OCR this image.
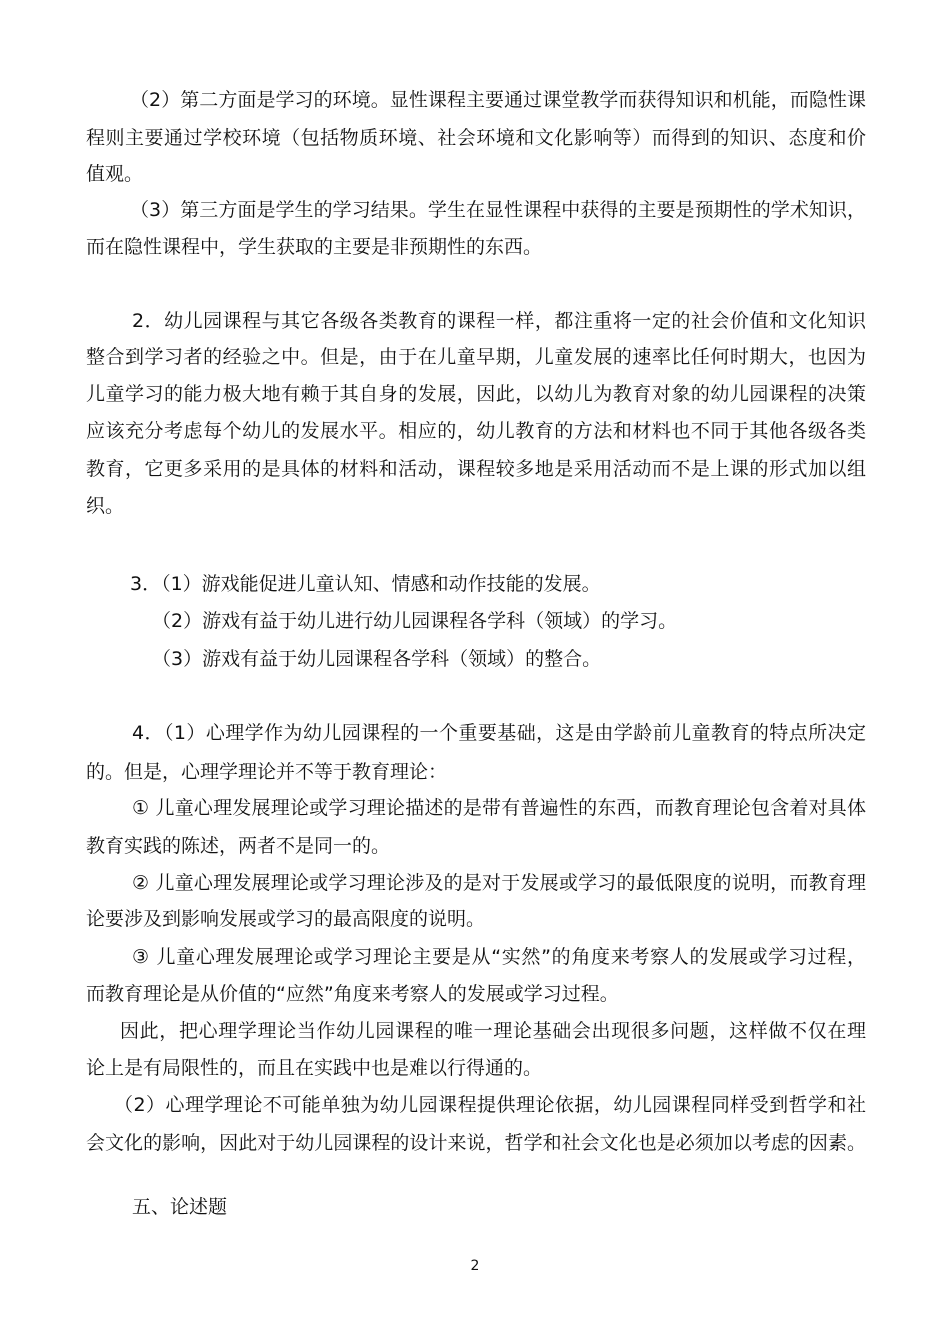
（2）第二方面是学习的环境。显性课程主要通过课堂教学而获得知识和机能，而隐性课
程则主要通过学校环境（包括物质环境、社会环境和文化影响等）而得到的知识、态度和价
值观。
（3）第三方面是学生的学习结果。学生在显性课程中获得的主要是预期性的学术知识，
而在隐性课程中，学生获取的主要是非预期性的东西。
2．幼儿园课程与其它各级各类教育的课程一样，都注重将一定的社会价值和文化知识
整合到学习者的经验之中。但是，由于在儿童早期，儿童发展的速率比任何时期大，也因为
儿童学习的能力极大地有赖于其自身的发展，因此，以幼儿为教育对象的幼儿园课程的决策
应该充分考虑每个幼儿的发展水平。相应的，幼儿教育的方法和材料也不同于其他各级各类
教育，它更多采用的是具体的材料和活动，课程较多地是采用活动而不是上课的形式加以组
织。
3．（1）游戏能促进儿童认知、情感和动作技能的发展。
（2）游戏有益于幼儿进行幼儿园课程各学科（领域）的学习。
（3）游戏有益于幼儿园课程各学科（领域）的整合。
4．（1）心理学作为幼儿园课程的一个重要基础，这是由学龄前儿童教育的特点所决定
的。但是，心理学理论并不等于教育理论：
① 儿童心理发展理论或学习理论描述的是带有普遍性的东西，而教育理论包含着对具体
教育实践的陈述，两者不是同一的。
② 儿童心理发展理论或学习理论涉及的是对于发展或学习的最低限度的说明，而教育理
论要涉及到影响发展或学习的最高限度的说明。
③ 儿童心理发展理论或学习理论主要是从“实然”的角度来考察人的发展或学习过程，
而教育理论是从价值的“应然”角度来考察人的发展或学习过程。
因此，把心理学理论当作幼儿园课程的唯一理论基础会出现很多问题，这样做不仅在理
论上是有局限性的，而且在实践中也是难以行得通的。
（2）心理学理论不可能单独为幼儿园课程提供理论依据，幼儿园课程同样受到哲学和社
会文化的影响，因此对于幼儿园课程的设计来说，哲学和社会文化也是必须加以考虑的因素。
五、论述题
2
